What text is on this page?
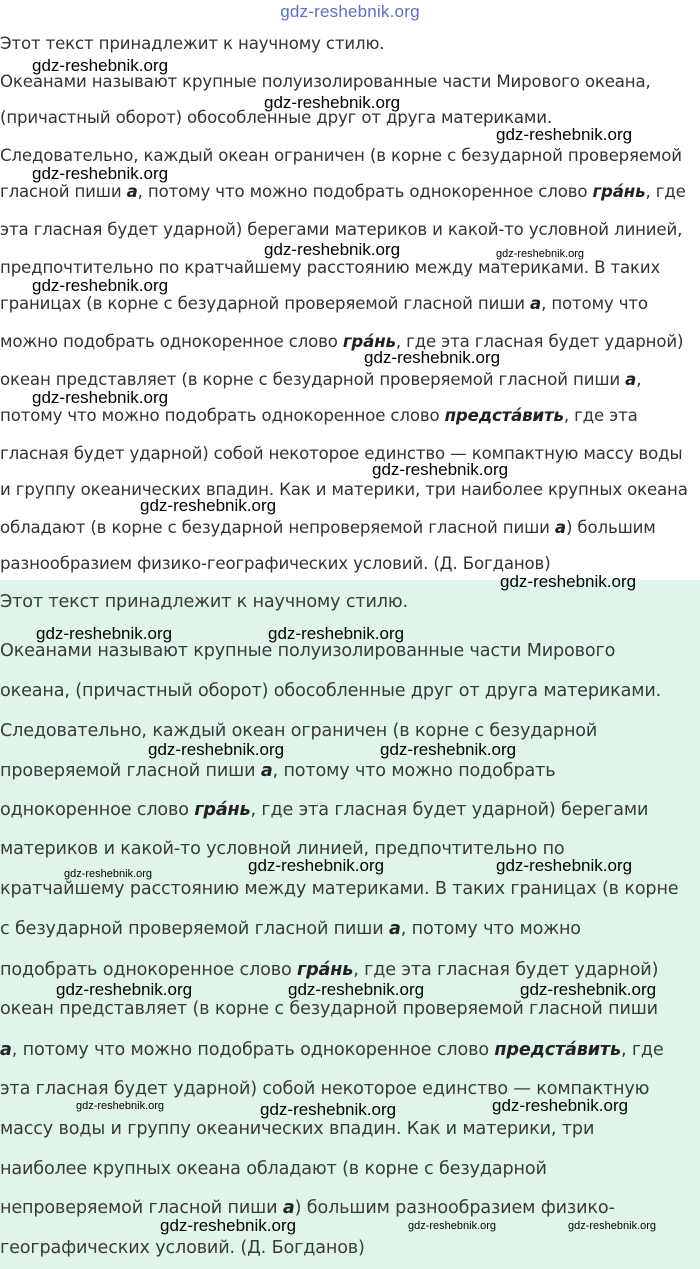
gdz-reshebnik.org
Этот текст принадлежит к научному стилю.
Океанами называют крупные полуизолированные части Мирового океана,
(причастный оборот) обособленные друг от друга материками.
Следовательно, каждый океан ограничен (в корне с безударной проверяемой
гласной пиши а, потому что можно подобрать однокоренное слово гра́нь, где
эта гласная будет ударной) берегами материков и какой-то условной линией,
предпочтительно по кратчайшему расстоянию между материками. В таких
границах (в корне с безударной проверяемой гласной пиши а, потому что
можно подобрать однокоренное слово гра́нь, где эта гласная будет ударной)
океан представляет (в корне с безударной проверяемой гласной пиши а,
потому что можно подобрать однокоренное слово предста́вить, где эта
гласная будет ударной) собой некоторое единство — компактную массу воды
и группу океанических впадин. Как и материки, три наиболее крупных океана
обладают (в корне с безударной непроверяемой гласной пиши а) большим
разнообразием физико-географических условий. (Д. Богданов)
Этот текст принадлежит к научному стилю.
Океанами называют крупные полуизолированные части Мирового
океана, (причастный оборот) обособленные друг от друга материками.
Следовательно, каждый океан ограничен (в корне с безударной
проверяемой гласной пиши а, потому что можно подобрать
однокоренное слово гра́нь, где эта гласная будет ударной) берегами
материков и какой-то условной линией, предпочтительно по
кратчайшему расстоянию между материками. В таких границах (в корне
с безударной проверяемой гласной пиши а, потому что можно
подобрать однокоренное слово гра́нь, где эта гласная будет ударной)
океан представляет (в корне с безударной проверяемой гласной пиши
а, потому что можно подобрать однокоренное слово предста́вить, где
эта гласная будет ударной) собой некоторое единство — компактную
массу воды и группу океанических впадин. Как и материки, три
наиболее крупных океана обладают (в корне с безударной
непроверяемой гласной пиши а) большим разнообразием физико-
географических условий. (Д. Богданов)
gdz-reshebnik.org
gdz-reshebnik.org
gdz-reshebnik.org
gdz-reshebnik.org
gdz-reshebnik.org	gdz-reshebnik.org
gdz-reshebnik.org
gdz-reshebnik.org
gdz-reshebnik.org
gdz-reshebnik.org
gdz-reshebnik.org
gdz-reshebnik.org
gdz-reshebnik.org	gdz-reshebnik.org
gdz-reshebnik.org	gdz-reshebnik.org
gdz-reshebnik.org	gdz-reshebnik.org
gdz-reshebnik.org
gdz-reshebnik.org	gdz-reshebnik.org	gdz-reshebnik.org
gdz-reshebnik.org
gdz-reshebnik.org	gdz-reshebnik.org
gdz-reshebnik.org	gdz-reshebnik.org	gdz-reshebnik.org
